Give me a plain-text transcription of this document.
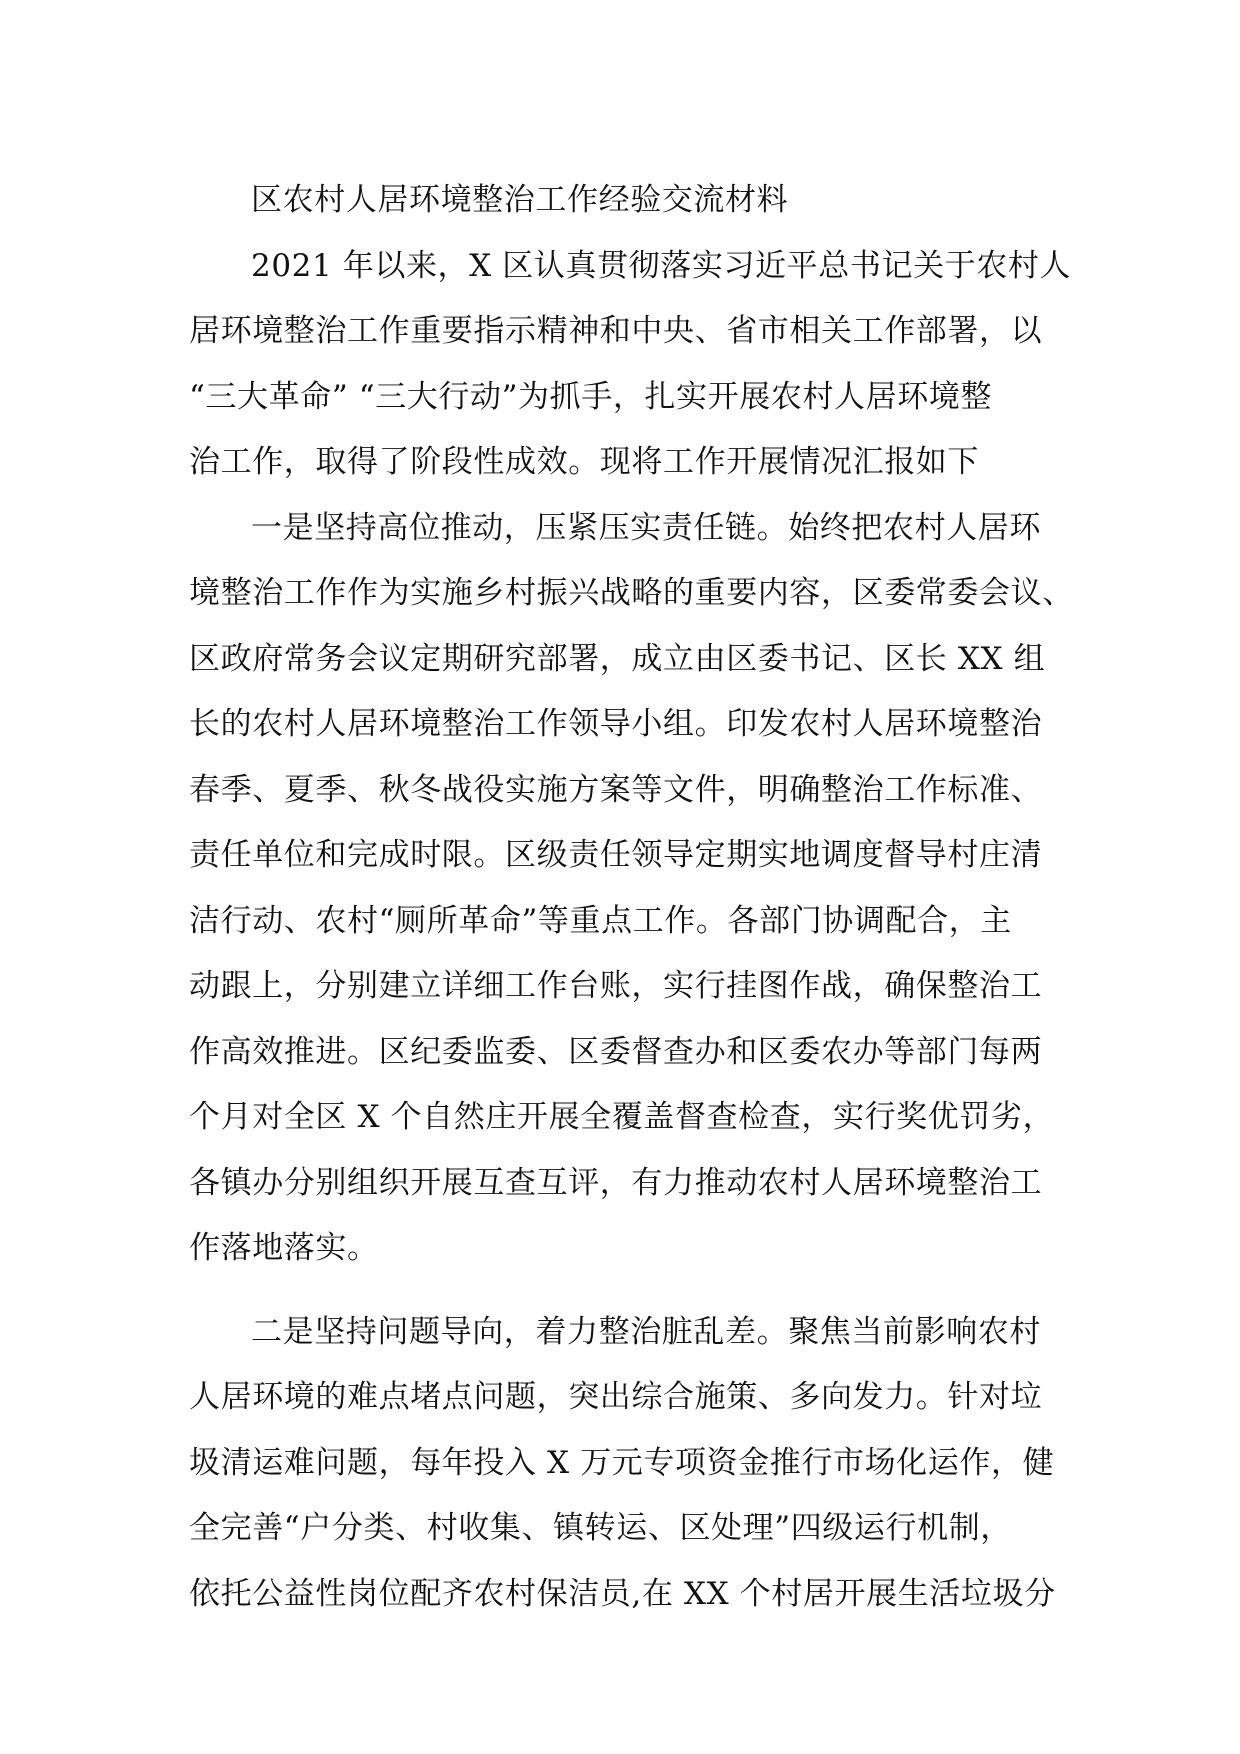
区农村人居环境整治工作经验交流材料
2021 年以来，X 区认真贯彻落实习近平总书记关于农村人
居环境整治工作重要指示精神和中央、省市相关工作部署，以
“三大革命” “三大行动”为抓手，扎实开展农村人居环境整
治工作，取得了阶段性成效。现将工作开展情况汇报如下
一是坚持高位推动，压紧压实责任链。始终把农村人居环
境整治工作作为实施乡村振兴战略的重要内容，区委常委会议、
区政府常务会议定期研究部署，成立由区委书记、区长 XX 组
长的农村人居环境整治工作领导小组。印发农村人居环境整治
春季、夏季、秋冬战役实施方案等文件，明确整治工作标准、
责任单位和完成时限。区级责任领导定期实地调度督导村庄清
洁行动、农村“厕所革命”等重点工作。各部门协调配合，主
动跟上，分别建立详细工作台账，实行挂图作战，确保整治工
作高效推进。区纪委监委、区委督查办和区委农办等部门每两
个月对全区 X 个自然庄开展全覆盖督查检查，实行奖优罚劣，
各镇办分别组织开展互查互评，有力推动农村人居环境整治工
作落地落实。
二是坚持问题导向，着力整治脏乱差。聚焦当前影响农村
人居环境的难点堵点问题，突出综合施策、多向发力。针对垃
圾清运难问题，每年投入 X 万元专项资金推行市场化运作，健
全完善“户分类、村收集、镇转运、区处理”四级运行机制，
依托公益性岗位配齐农村保洁员,在 XX 个村居开展生活垃圾分
